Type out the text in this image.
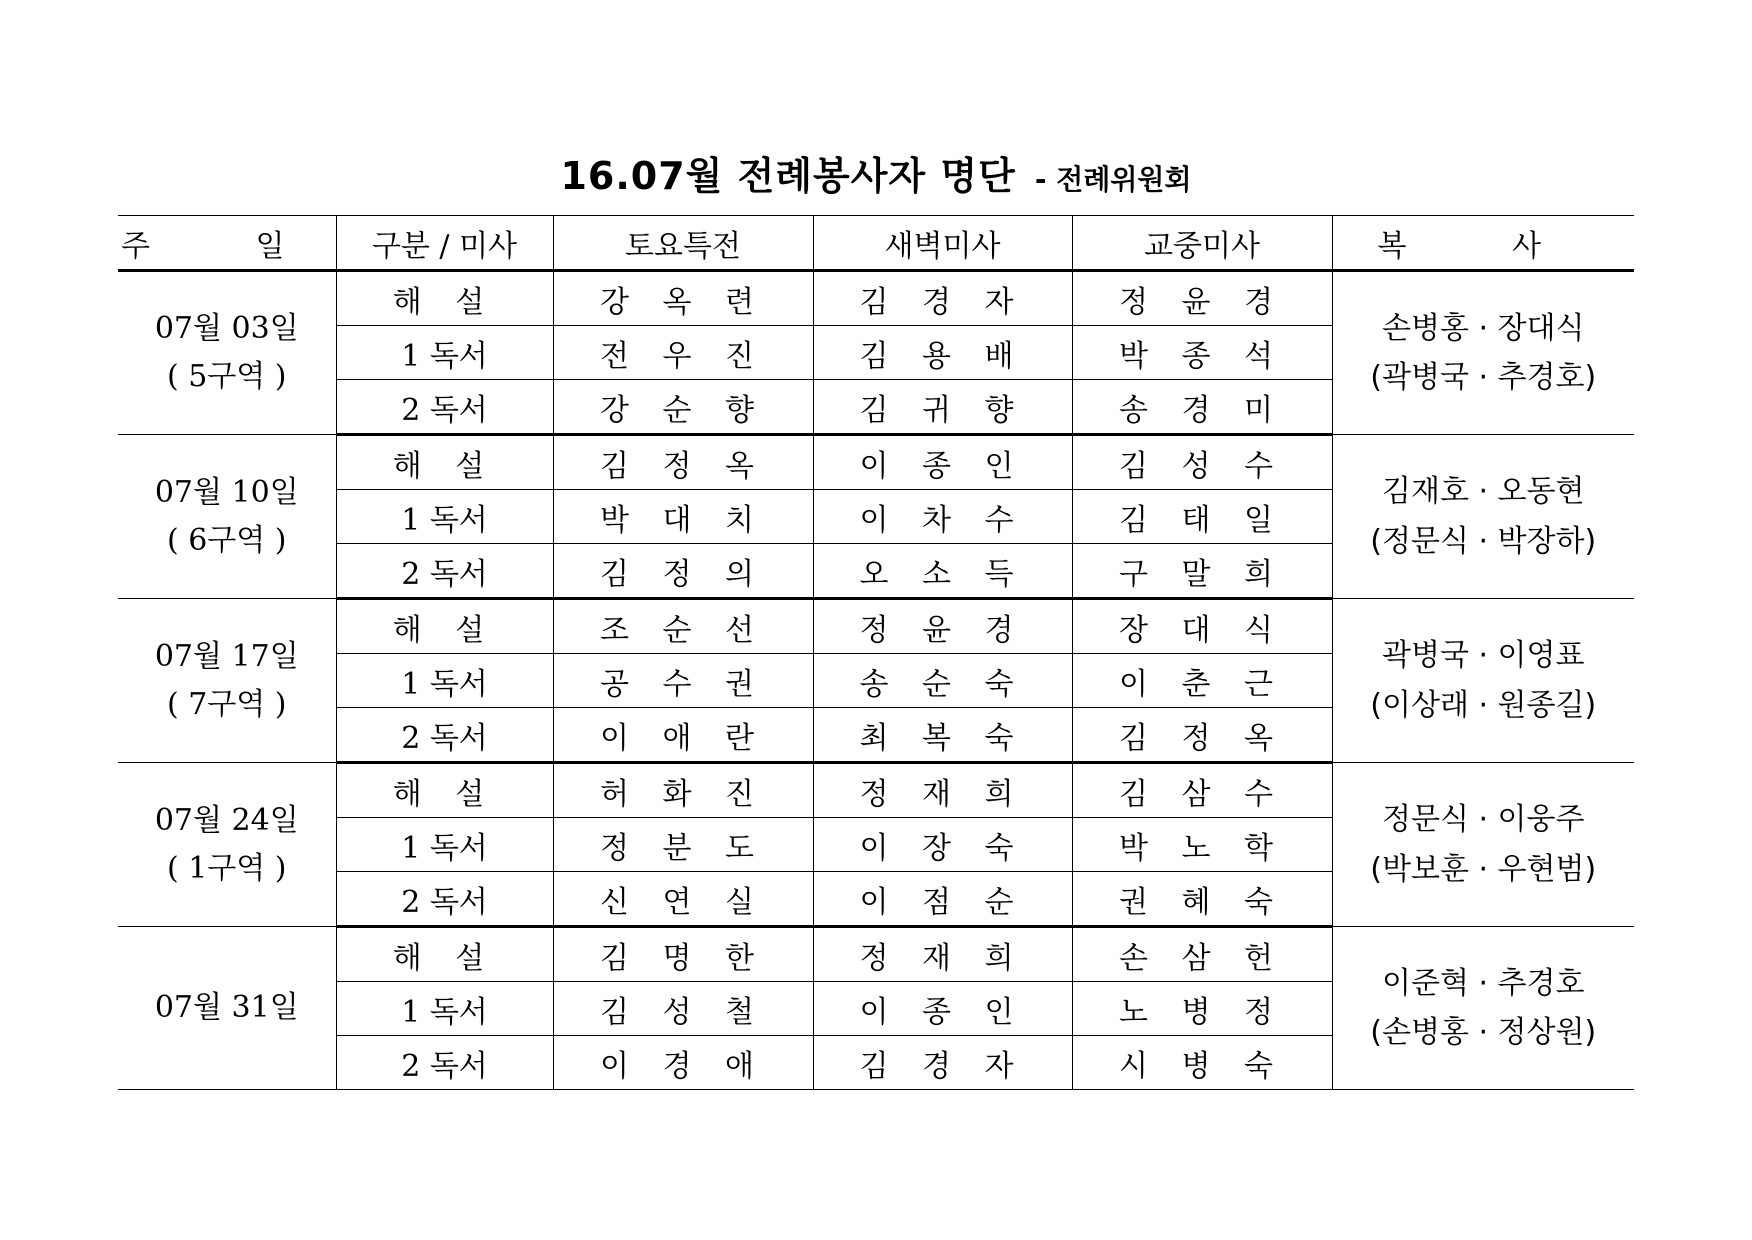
16.07월 전례봉사자 명단 - 전례위원회
주 일	구분 / 미사	토요특전	새벽미사	교중미사	복 사

07월 03일
( 5구역 )	해 설	강 옥 련	김 경 자	정 윤 경	손병홍 · 장대식
(곽병국 · 추경호)

	1 독서	전 우 진	김 용 배	박 종 석	
	2 독서	강 순 향	김 귀 향	송 경 미	

07월 10일
( 6구역 )	해 설	김 정 옥	이 종 인	김 성 수	김재호 · 오동현
(정문식 · 박장하)

	1 독서	박 대 치	이 차 수	김 태 일	
	2 독서	김 정 의	오 소 득	구 말 희	

07월 17일
( 7구역 )	해 설	조 순 선	정 윤 경	장 대 식	곽병국 · 이영표
(이상래 · 원종길)

	1 독서	공 수 권	송 순 숙	이 춘 근	
	2 독서	이 애 란	최 복 숙	김 정 옥	

07월 24일
( 1구역 )	해 설	허 화 진	정 재 희	김 삼 수	정문식 · 이웅주
(박보훈 · 우현범)

	1 독서	정 분 도	이 장 숙	박 노 학	
	2 독서	신 연 실	이 점 순	권 혜 숙	

07월 31일	해 설	김 명 한	정 재 희	손 삼 헌	이준혁 · 추경호
(손병홍 · 정상원)

	1 독서	김 성 철	이 종 인	노 병 정	
	2 독서	이 경 애	김 경 자	시 병 숙	
